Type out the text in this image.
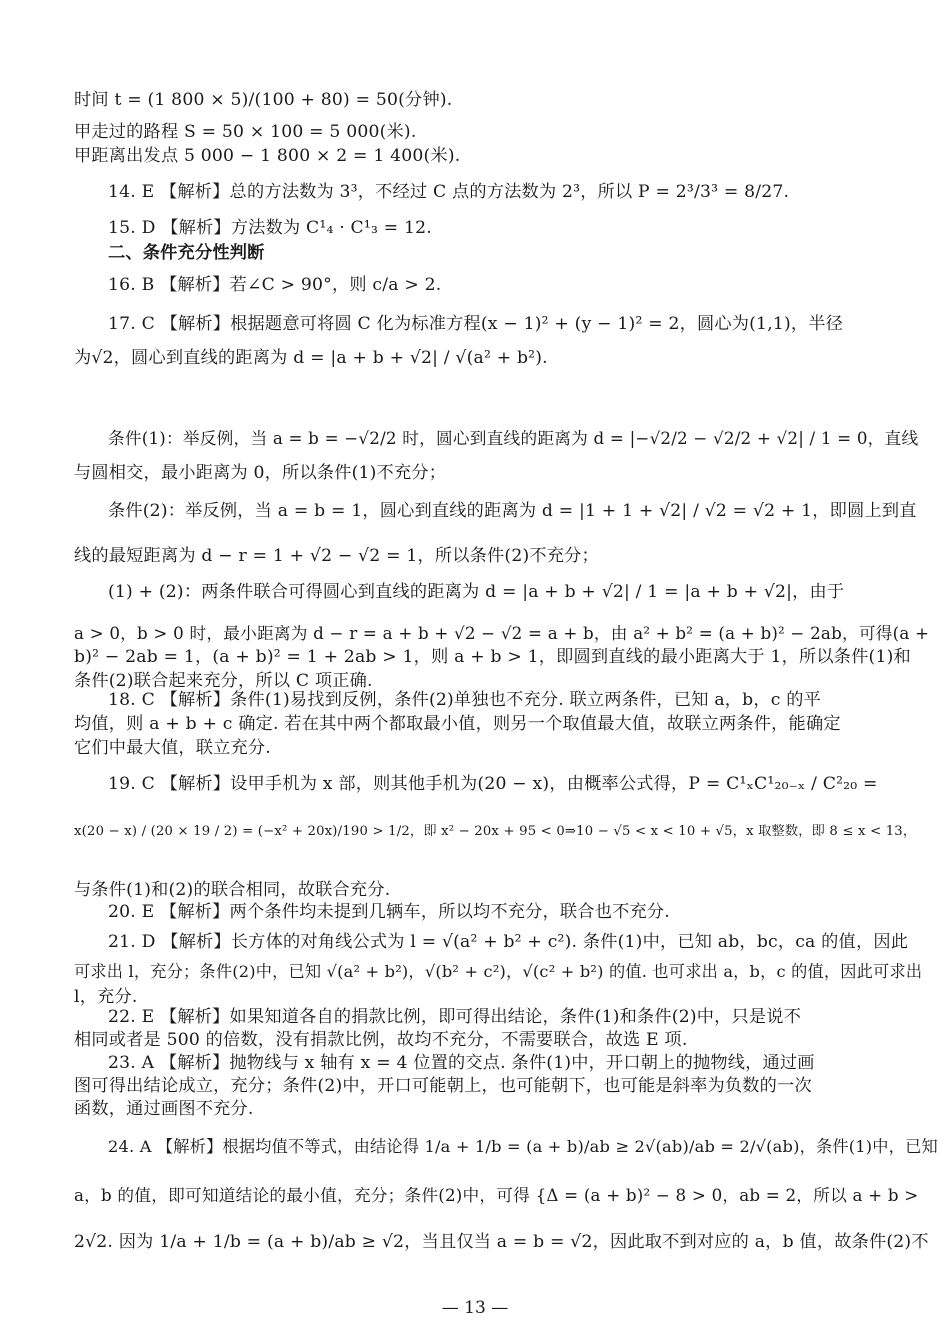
时间 t = (1 800 × 5)/(100 + 80) = 50(分钟).
甲走过的路程 S = 50 × 100 = 5 000(米).
甲距离出发点 5 000 − 1 800 × 2 = 1 400(米).
14. E 【解析】总的方法数为 3³，不经过 C 点的方法数为 2³，所以 P = 2³/3³ = 8/27.
15. D 【解析】方法数为 C¹₄ · C¹₃ = 12.
二、条件充分性判断
16. B 【解析】若∠C > 90°，则 c/a > 2.
17. C 【解析】根据题意可将圆 C 化为标准方程(x − 1)² + (y − 1)² = 2，圆心为(1,1)，半径
为√2，圆心到直线的距离为 d = |a + b + √2| / √(a² + b²).
条件(1)：举反例，当 a = b = −√2/2 时，圆心到直线的距离为 d = |−√2/2 − √2/2 + √2| / 1 = 0，直线
与圆相交，最小距离为 0，所以条件(1)不充分；
条件(2)：举反例，当 a = b = 1，圆心到直线的距离为 d = |1 + 1 + √2| / √2 = √2 + 1，即圆上到直
线的最短距离为 d − r = 1 + √2 − √2 = 1，所以条件(2)不充分；
(1) + (2)：两条件联合可得圆心到直线的距离为 d = |a + b + √2| / 1 = |a + b + √2|，由于
a > 0，b > 0 时，最小距离为 d − r = a + b + √2 − √2 = a + b，由 a² + b² = (a + b)² − 2ab，可得(a +
b)² − 2ab = 1，(a + b)² = 1 + 2ab > 1，则 a + b > 1，即圆到直线的最小距离大于 1，所以条件(1)和
条件(2)联合起来充分，所以 C 项正确.
18. C 【解析】条件(1)易找到反例，条件(2)单独也不充分. 联立两条件，已知 a，b，c 的平
均值，则 a + b + c 确定. 若在其中两个都取最小值，则另一个取值最大值，故联立两条件，能确定
它们中最大值，联立充分.
19. C 【解析】设甲手机为 x 部，则其他手机为(20 − x)，由概率公式得，P = C¹ₓC¹₂₀₋ₓ / C²₂₀ =
x(20 − x) / (20 × 19 / 2) = (−x² + 20x)/190 > 1/2，即 x² − 20x + 95 < 0⇒10 − √5 < x < 10 + √5，x 取整数，即 8 ≤ x < 13，
与条件(1)和(2)的联合相同，故联合充分.
20. E 【解析】两个条件均未提到几辆车，所以均不充分，联合也不充分.
21. D 【解析】长方体的对角线公式为 l = √(a² + b² + c²). 条件(1)中，已知 ab，bc，ca 的值，因此
可求出 l，充分；条件(2)中，已知 √(a² + b²)，√(b² + c²)，√(c² + b²) 的值. 也可求出 a，b，c 的值，因此可求出
l，充分.
22. E 【解析】如果知道各自的捐款比例，即可得出结论，条件(1)和条件(2)中，只是说不
相同或者是 500 的倍数，没有捐款比例，故均不充分，不需要联合，故选 E 项.
23. A 【解析】抛物线与 x 轴有 x = 4 位置的交点. 条件(1)中，开口朝上的抛物线，通过画
图可得出结论成立，充分；条件(2)中，开口可能朝上，也可能朝下，也可能是斜率为负数的一次
函数，通过画图不充分.
24. A 【解析】根据均值不等式，由结论得 1/a + 1/b = (a + b)/ab ≥ 2√(ab)/ab = 2/√(ab)，条件(1)中，已知
a，b 的值，即可知道结论的最小值，充分；条件(2)中，可得 {Δ = (a + b)² − 8 > 0，ab = 2，所以 a + b >
2√2. 因为 1/a + 1/b = (a + b)/ab ≥ √2，当且仅当 a = b = √2，因此取不到对应的 a，b 值，故条件(2)不
— 13 —
